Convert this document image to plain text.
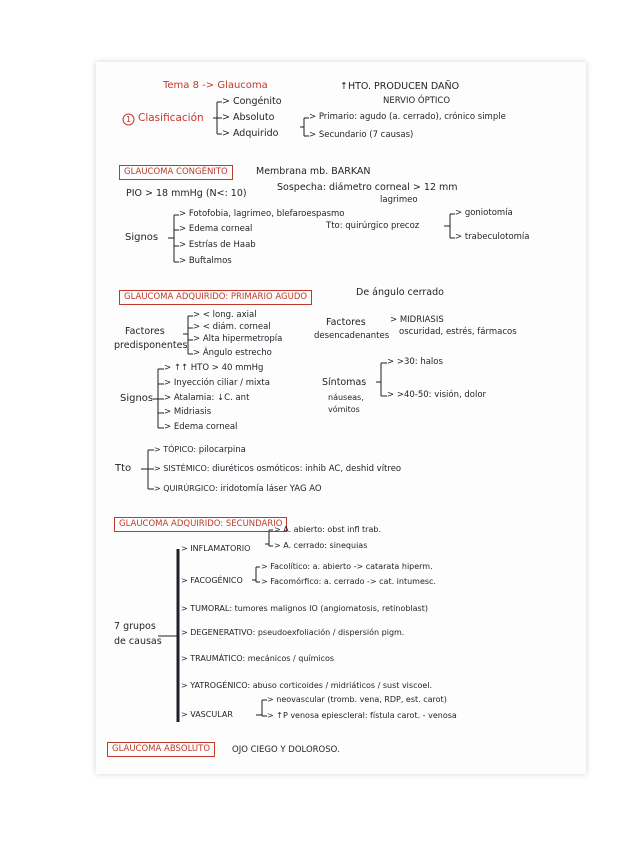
Tema 8 -> Glaucoma	↑HTO. PRODUCEN DAÑO
NERVIO ÓPTICO
1 Clasificación
> Congénito
> Absoluto
> Adquirido
> Primario: agudo (a. cerrado), crónico simple
> Secundario (7 causas)
GLAUCOMA CONGÉNITO	Membrana mb. BARKAN
PIO > 18 mmHg (N<: 10)
Sospecha: diámetro corneal > 12 mm
lagrimeo
Signos
> Fotofobia, lagrimeo, blefaroespasmo
> Edema corneal
> Estrías de Haab
> Buftalmos
Tto: quirúrgico precoz
> goniotomía
> trabeculotomía
GLAUCOMA ADQUIRIDO: PRIMARIO AGUDO	De ángulo cerrado
Factores
predisponentes
> < long. axial
> < diám. corneal
> Alta hipermetropía
> Ángulo estrecho
Factores
desencadenantes
> MIDRIASIS
oscuridad, estrés, fármacos
Signos
> ↑↑ HTO > 40 mmHg
> Inyección ciliar / mixta
> Atalamia: ↓C. ant
> Midriasis
> Edema corneal
Síntomas
náuseas,
vómitos
> >30: halos
> >40-50: visión, dolor
Tto
> TÓPICO: pilocarpina
> SISTÉMICO: diuréticos osmóticos: inhib AC, deshid vítreo
> QUIRÚRGICO: iridotomía láser YAG AO
GLAUCOMA ADQUIRIDO: SECUNDARIO
7 grupos
de causas
> INFLAMATORIO
> A. abierto: obst infl trab.
> A. cerrado: sinequias
> FACOGÉNICO
> Facolítico: a. abierto -> catarata hiperm.
> Facomórfico: a. cerrado -> cat. intumesc.
> TUMORAL: tumores malignos IO (angiomatosis, retinoblast)
> DEGENERATIVO: pseudoexfoliación / dispersión pigm.
> TRAUMÁTICO: mecánicos / químicos
> YATROGÉNICO: abuso corticoides / midriáticos / sust viscoel.
> VASCULAR
> neovascular (tromb. vena, RDP, est. carot)
> ↑P venosa epiescleral: fístula carot. - venosa
GLAUCOMA ABSOLUTO	OJO CIEGO Y DOLOROSO.
